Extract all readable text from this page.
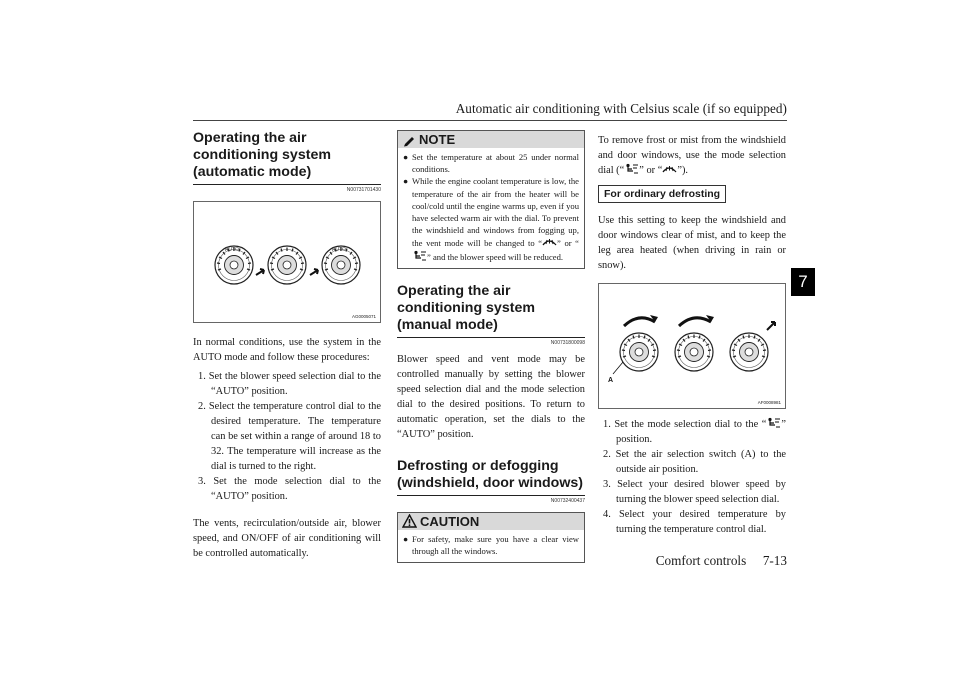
Automatic air conditioning with Celsius scale (if so equipped)
7
Operating the air conditioning system (automatic mode)
N00731701430
AUTO	AUTO
AG0005071

In normal conditions, use the system in the AUTO mode and follow these procedures:

1. Set the blower speed selection dial to the “AUTO” position.
2. Select the temperature control dial to the desired temperature. The temperature can be set within a range of around 18 to 32. The temperature will increase as the dial is turned to the right.
3. Set the mode selection dial to the “AUTO” position.

The vents, recirculation/outside air, blower speed, and ON/OFF of air conditioning will be controlled automatically.

NOTE
● Set the temperature at about 25 under normal conditions.
● While the engine coolant temperature is low, the temperature of the air from the heater will be cool/cold until the engine warms up, even if you have selected warm air with the dial. To prevent the windshield and windows from fogging up, the vent mode will be changed to “ ” or “” and the blower speed will be reduced.
Operating the air conditioning system (manual mode)
N00731800098

Blower speed and vent mode may be controlled manually by setting the blower speed selection dial and the mode selection dial to the desired positions. To return to automatic operation, set the dials to the “AUTO” position.

Defrosting or defogging (windshield, door windows)
N00732400437
CAUTION
● For safety, make sure you have a clear view through all the windows.

To remove frost or mist from the windshield and door windows, use the mode selection dial (“ ” or “ ”).

For ordinary defrosting

Use this setting to keep the windshield and door windows clear of mist, and to keep the leg area heated (when driving in rain or snow).

A
AF0008981
1. Set the mode selection dial to the “ ” position.
2. Set the air selection switch (A) to the outside air position.
3. Select your desired blower speed by turning the blower speed selection dial.
4. Select your desired temperature by turning the temperature control dial.
Comfort controls 7-13
